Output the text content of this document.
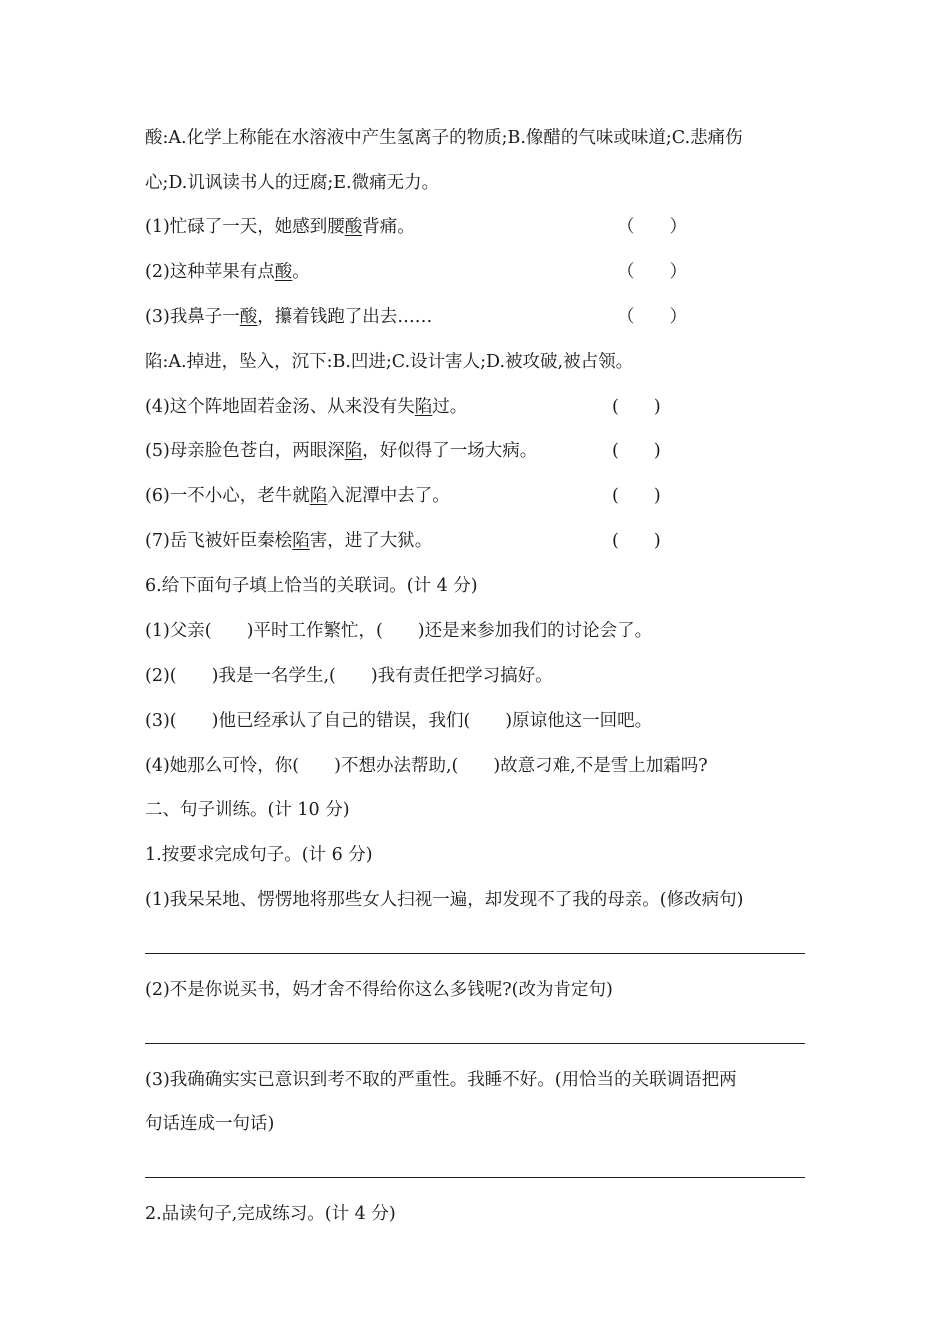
酸:A.化学上称能在水溶液中产生氢离子的物质;B.像醋的气味或味道;C.悲痛伤
心;D.讥讽读书人的迂腐;E.微痛无力。
(1)忙碌了一天，她感到腰酸背痛。	（　　）
(2)这种苹果有点酸。	（　　）
(3)我鼻子一酸，攥着钱跑了出去……	（　　）
陷:A.掉进，坠入，沉下:B.凹进;C.设计害人;D.被攻破,被占领。
(4)这个阵地固若金汤、从来没有失陷过。	(　　)
(5)母亲脸色苍白，两眼深陷，好似得了一场大病。	(　　)
(6)一不小心，老牛就陷入泥潭中去了。	(　　)
(7)岳飞被奸臣秦桧陷害，进了大狱。	(　　)
6.给下面句子填上恰当的关联词。(计 4 分)
(1)父亲(　　)平时工作繁忙，(　　)还是来参加我们的讨论会了。
(2)(　　)我是一名学生,(　　)我有责任把学习搞好。
(3)(　　)他已经承认了自己的错误，我们(　　)原谅他这一回吧。
(4)她那么可怜，你(　　)不想办法帮助,(　　)故意刁难,不是雪上加霜吗?
二、句子训练。(计 10 分)
1.按要求完成句子。(计 6 分)
(1)我呆呆地、愣愣地将那些女人扫视一遍，却发现不了我的母亲。(修改病句)
(2)不是你说买书，妈才舍不得给你这么多钱呢?(改为肯定句)
(3)我确确实实已意识到考不取的严重性。我睡不好。(用恰当的关联调语把两
句话连成一句话)
2.品读句子,完成练习。(计 4 分)
